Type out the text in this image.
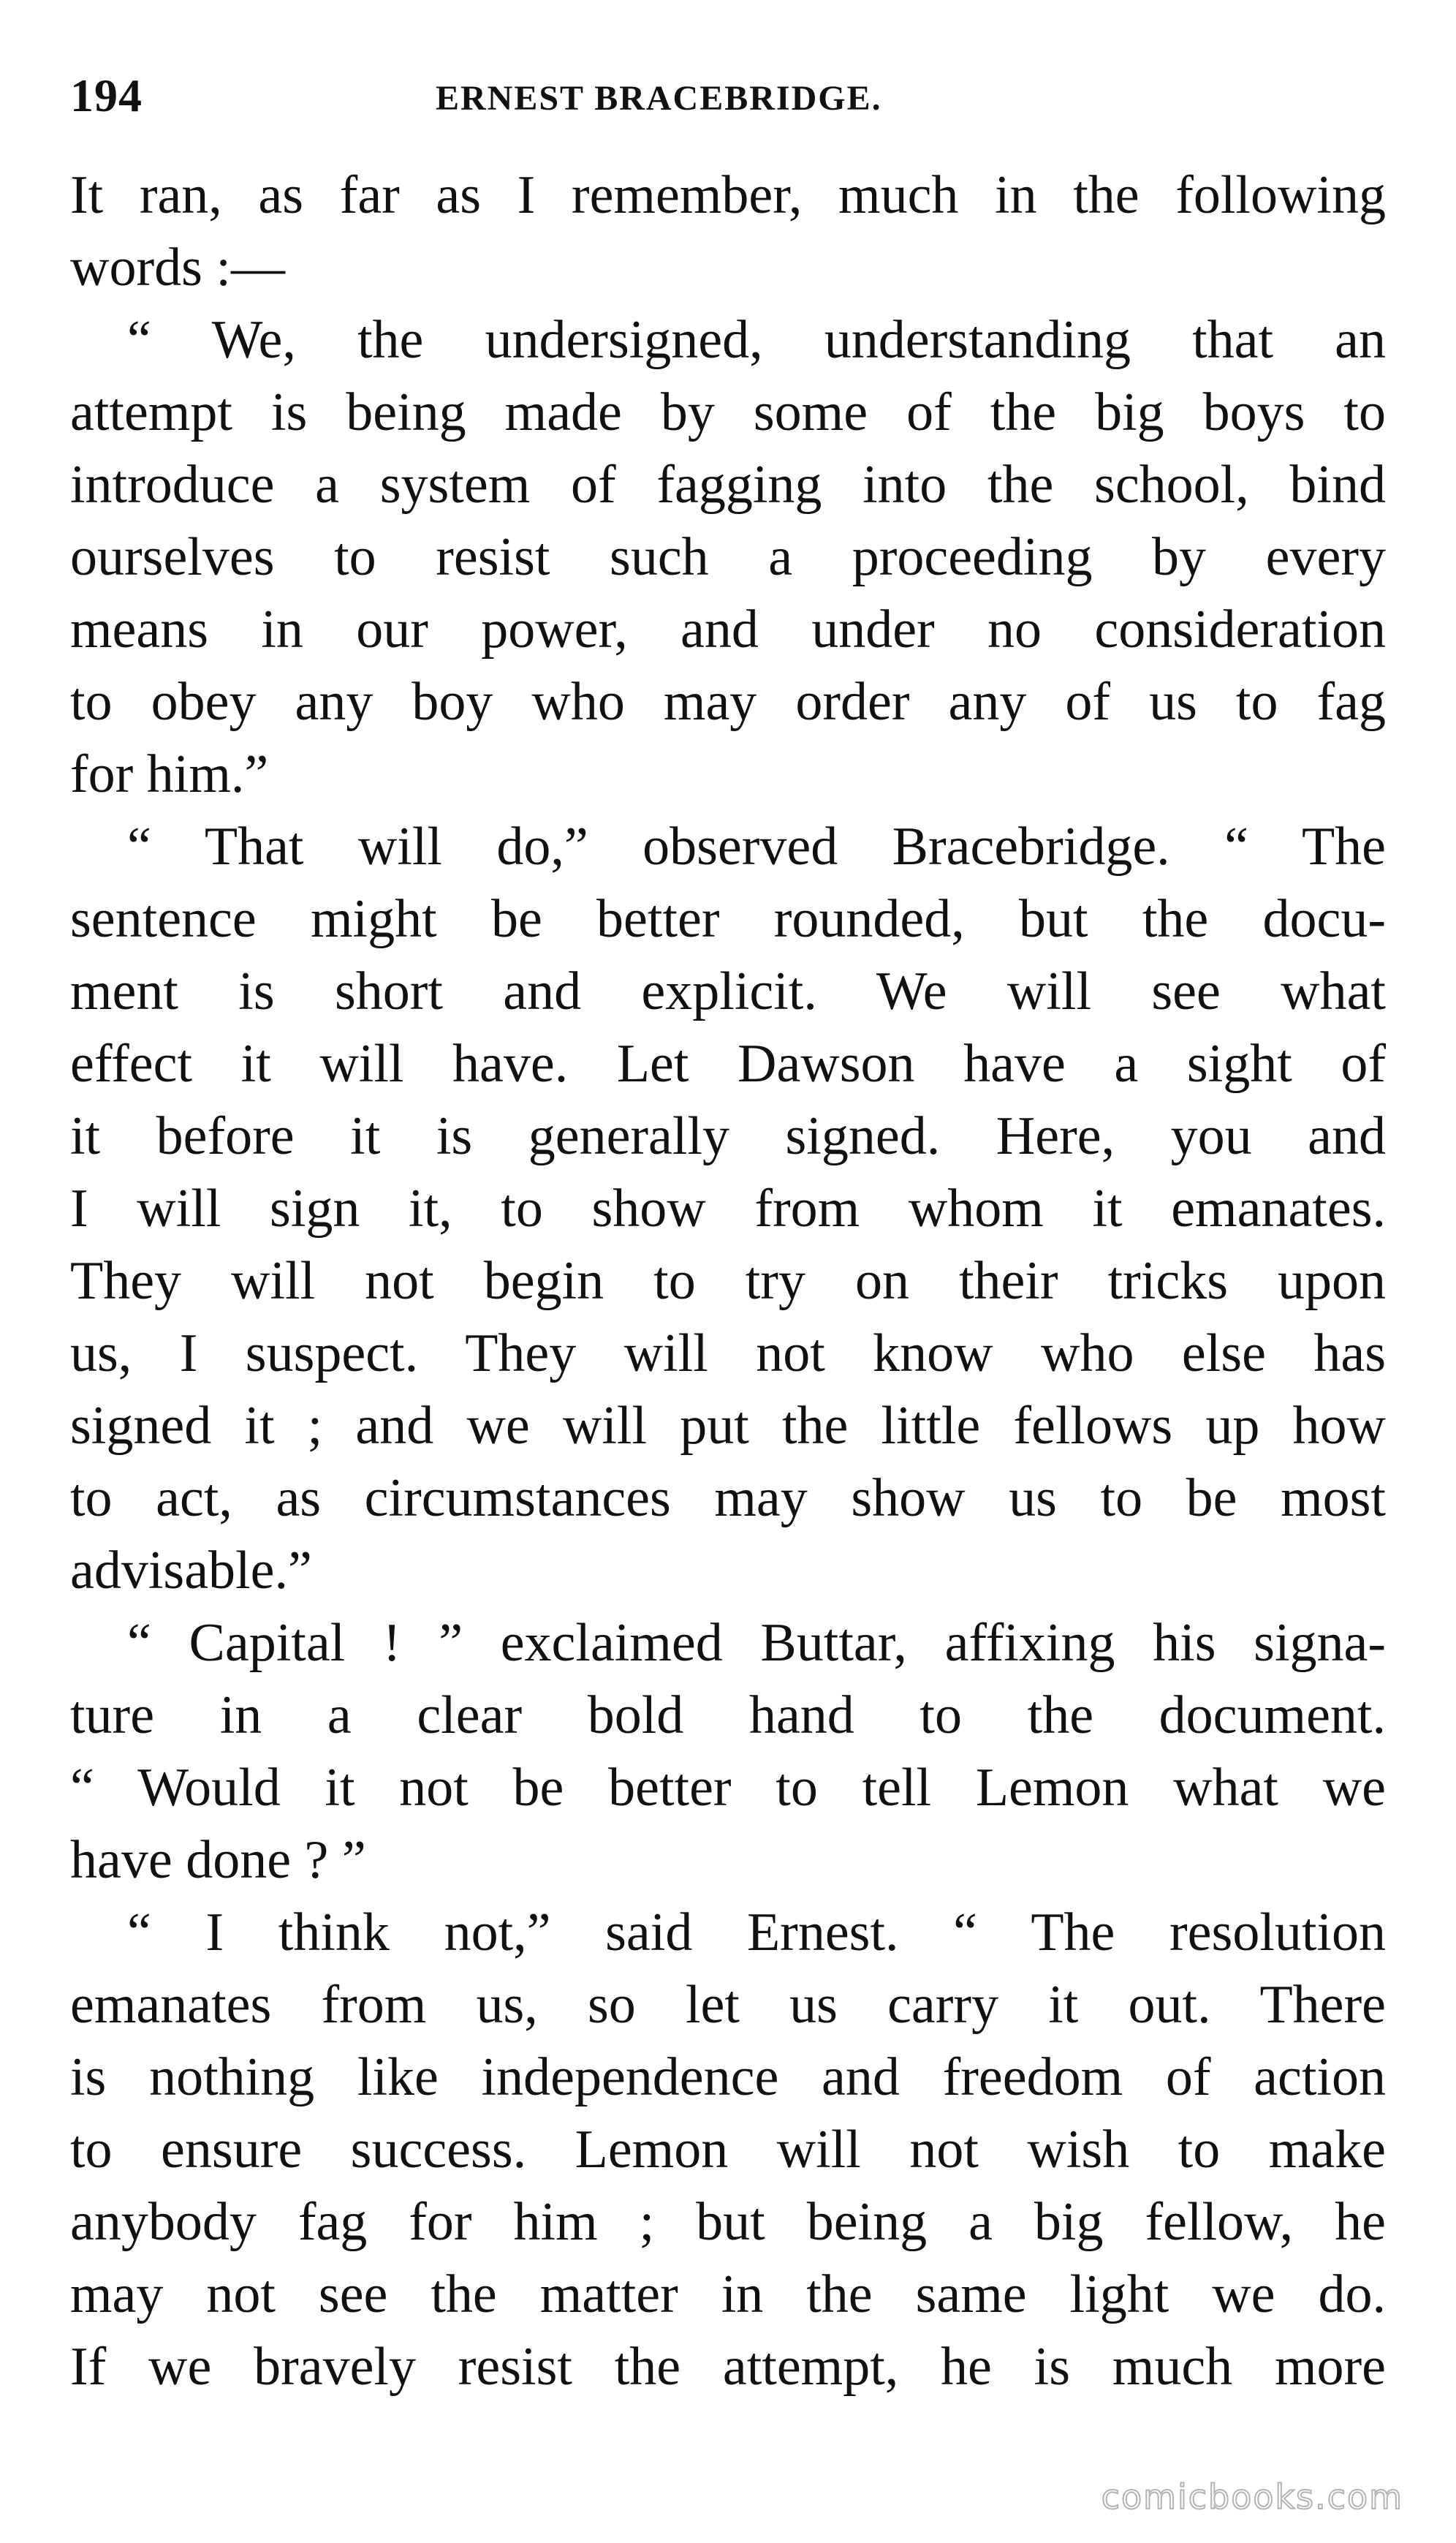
194	ERNEST BRACEBRIDGE.
It ran, as far as I remember, much in the following
words :—
“ We, the undersigned, understanding that an
attempt is being made by some of the big boys to
introduce a system of fagging into the school, bind
ourselves to resist such a proceeding by every
means in our power, and under no consideration
to obey any boy who may order any of us to fag
for him.”
“ That will do,” observed Bracebridge. “ The
sentence might be better rounded, but the docu-
ment is short and explicit. We will see what
effect it will have. Let Dawson have a sight of
it before it is generally signed. Here, you and
I will sign it, to show from whom it emanates.
They will not begin to try on their tricks upon
us, I suspect. They will not know who else has
signed it ; and we will put the little fellows up how
to act, as circumstances may show us to be most
advisable.”
“ Capital ! ” exclaimed Buttar, affixing his signa-
ture in a clear bold hand to the document.
“ Would it not be better to tell Lemon what we
have done ? ”
“ I think not,” said Ernest. “ The resolution
emanates from us, so let us carry it out. There
is nothing like independence and freedom of action
to ensure success. Lemon will not wish to make
anybody fag for him ; but being a big fellow, he
may not see the matter in the same light we do.
If we bravely resist the attempt, he is much more
comicbooks.com
